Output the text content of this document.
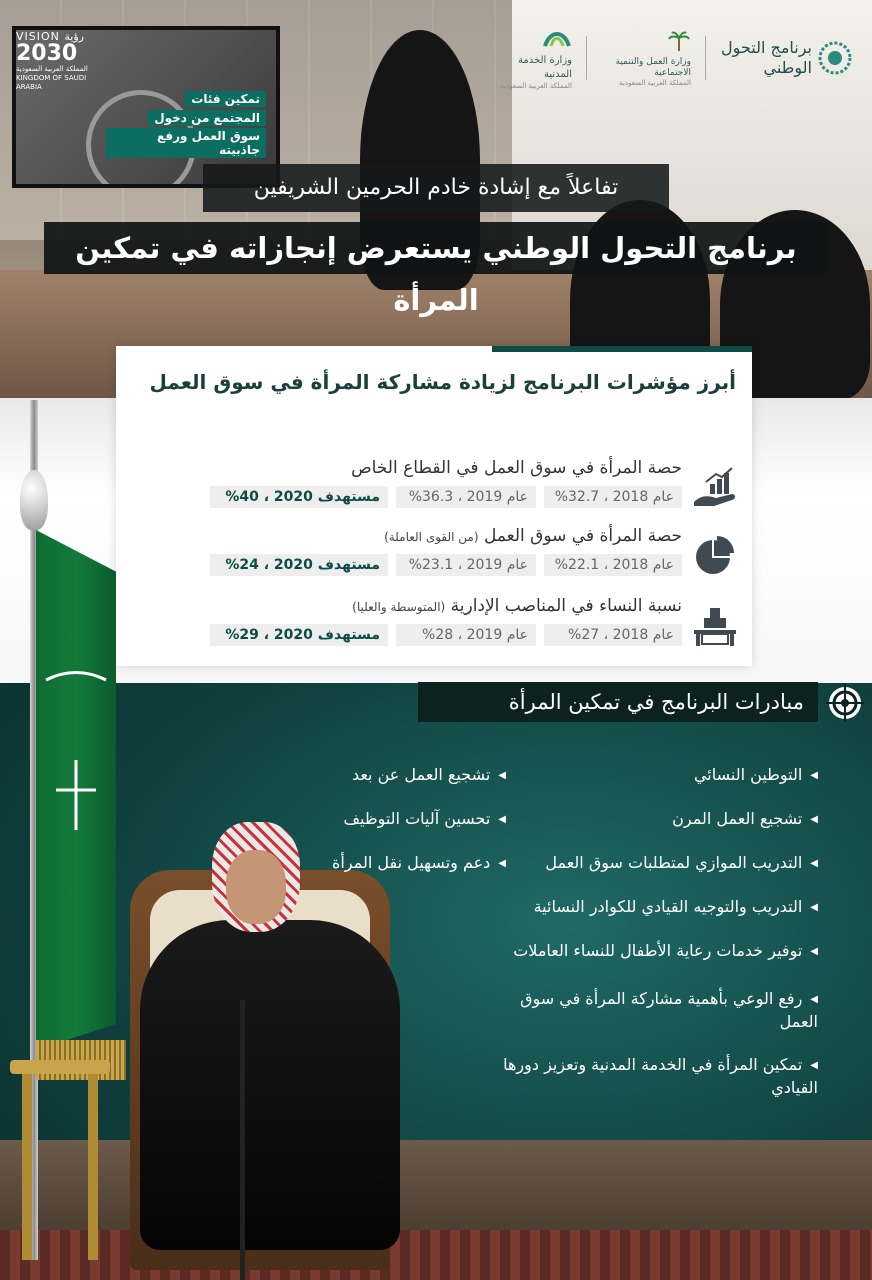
تمكين فئات
المجتمع من دخول
سوق العمل ورفع جاذبيته
VISION رؤية
2030
المملكة العربية السعودية
KINGDOM OF SAUDI ARABIA
برنامج التحول الوطني
وزارة العمل والتنمية الاجتماعية
المملكة العربية السعودية
وزارة الخدمة المدنية
المملكة العربية السعودية
تفاعلاً مع إشادة خادم الحرمين الشريفين
برنامج التحول الوطني يستعرض إنجازاته في تمكين المرأة
أبرز مؤشرات البرنامج لزيادة مشاركة المرأة في سوق العمل
حصة المرأة في سوق العمل في القطاع الخاص
عام 2018 ، 32.7%
عام 2019 ، 36.3%
مستهدف 2020 ، 40%
حصة المرأة في سوق العمل (من القوى العاملة)
عام 2018 ، 22.1%
عام 2019 ، 23.1%
مستهدف 2020 ، 24%
نسبة النساء في المناصب الإدارية (المتوسطة والعليا)
عام 2018 ، 27%
عام 2019 ، 28%
مستهدف 2020 ، 29%
مبادرات البرنامج في تمكين المرأة
◀التوطين النسائي
◀تشجيع العمل المرن
◀التدريب الموازي لمتطلبات سوق العمل
◀التدريب والتوجيه القيادي للكوادر النسائية
◀توفير خدمات رعاية الأطفال للنساء العاملات
◀رفع الوعي بأهمية مشاركة المرأة في سوق العمل
◀تمكين المرأة في الخدمة المدنية وتعزيز دورها القيادي
◀تشجيع العمل عن بعد
◀تحسين آليات التوظيف
◀دعم وتسهيل نقل المرأة
